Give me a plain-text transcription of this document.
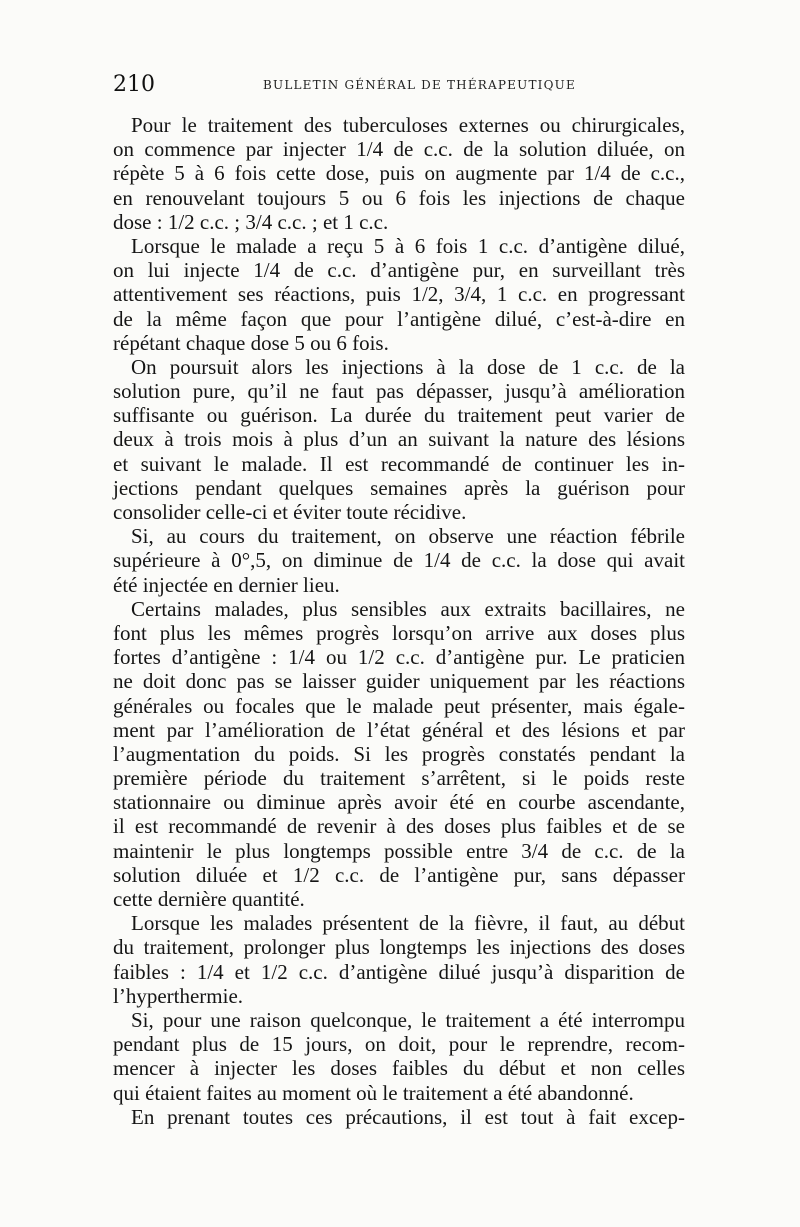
210	BULLETIN GÉNÉRAL DE THÉRAPEUTIQUE
Pour le traitement des tuberculoses externes ou chirurgicales,
on commence par injecter 1/4 de c.c. de la solution diluée, on
répète 5 à 6 fois cette dose, puis on augmente par 1/4 de c.c.,
en renouvelant toujours 5 ou 6 fois les injections de chaque
dose : 1/2 c.c. ; 3/4 c.c. ; et 1 c.c.
Lorsque le malade a reçu 5 à 6 fois 1 c.c. d’antigène dilué,
on lui injecte 1/4 de c.c. d’antigène pur, en surveillant très
attentivement ses réactions, puis 1/2, 3/4, 1 c.c. en progressant
de la même façon que pour l’antigène dilué, c’est-à-dire en
répétant chaque dose 5 ou 6 fois.
On poursuit alors les injections à la dose de 1 c.c. de la
solution pure, qu’il ne faut pas dépasser, jusqu’à amélioration
suffisante ou guérison. La durée du traitement peut varier de
deux à trois mois à plus d’un an suivant la nature des lésions
et suivant le malade. Il est recommandé de continuer les in-
jections pendant quelques semaines après la guérison pour
consolider celle-ci et éviter toute récidive.
Si, au cours du traitement, on observe une réaction fébrile
supérieure à 0°,5, on diminue de 1/4 de c.c. la dose qui avait
été injectée en dernier lieu.
Certains malades, plus sensibles aux extraits bacillaires, ne
font plus les mêmes progrès lorsqu’on arrive aux doses plus
fortes d’antigène : 1/4 ou 1/2 c.c. d’antigène pur. Le praticien
ne doit donc pas se laisser guider uniquement par les réactions
générales ou focales que le malade peut présenter, mais égale-
ment par l’amélioration de l’état général et des lésions et par
l’augmentation du poids. Si les progrès constatés pendant la
première période du traitement s’arrêtent, si le poids reste
stationnaire ou diminue après avoir été en courbe ascendante,
il est recommandé de revenir à des doses plus faibles et de se
maintenir le plus longtemps possible entre 3/4 de c.c. de la
solution diluée et 1/2 c.c. de l’antigène pur, sans dépasser
cette dernière quantité.
Lorsque les malades présentent de la fièvre, il faut, au début
du traitement, prolonger plus longtemps les injections des doses
faibles : 1/4 et 1/2 c.c. d’antigène dilué jusqu’à disparition de
l’hyperthermie.
Si, pour une raison quelconque, le traitement a été interrompu
pendant plus de 15 jours, on doit, pour le reprendre, recom-
mencer à injecter les doses faibles du début et non celles
qui étaient faites au moment où le traitement a été abandonné.
En prenant toutes ces précautions, il est tout à fait excep-
